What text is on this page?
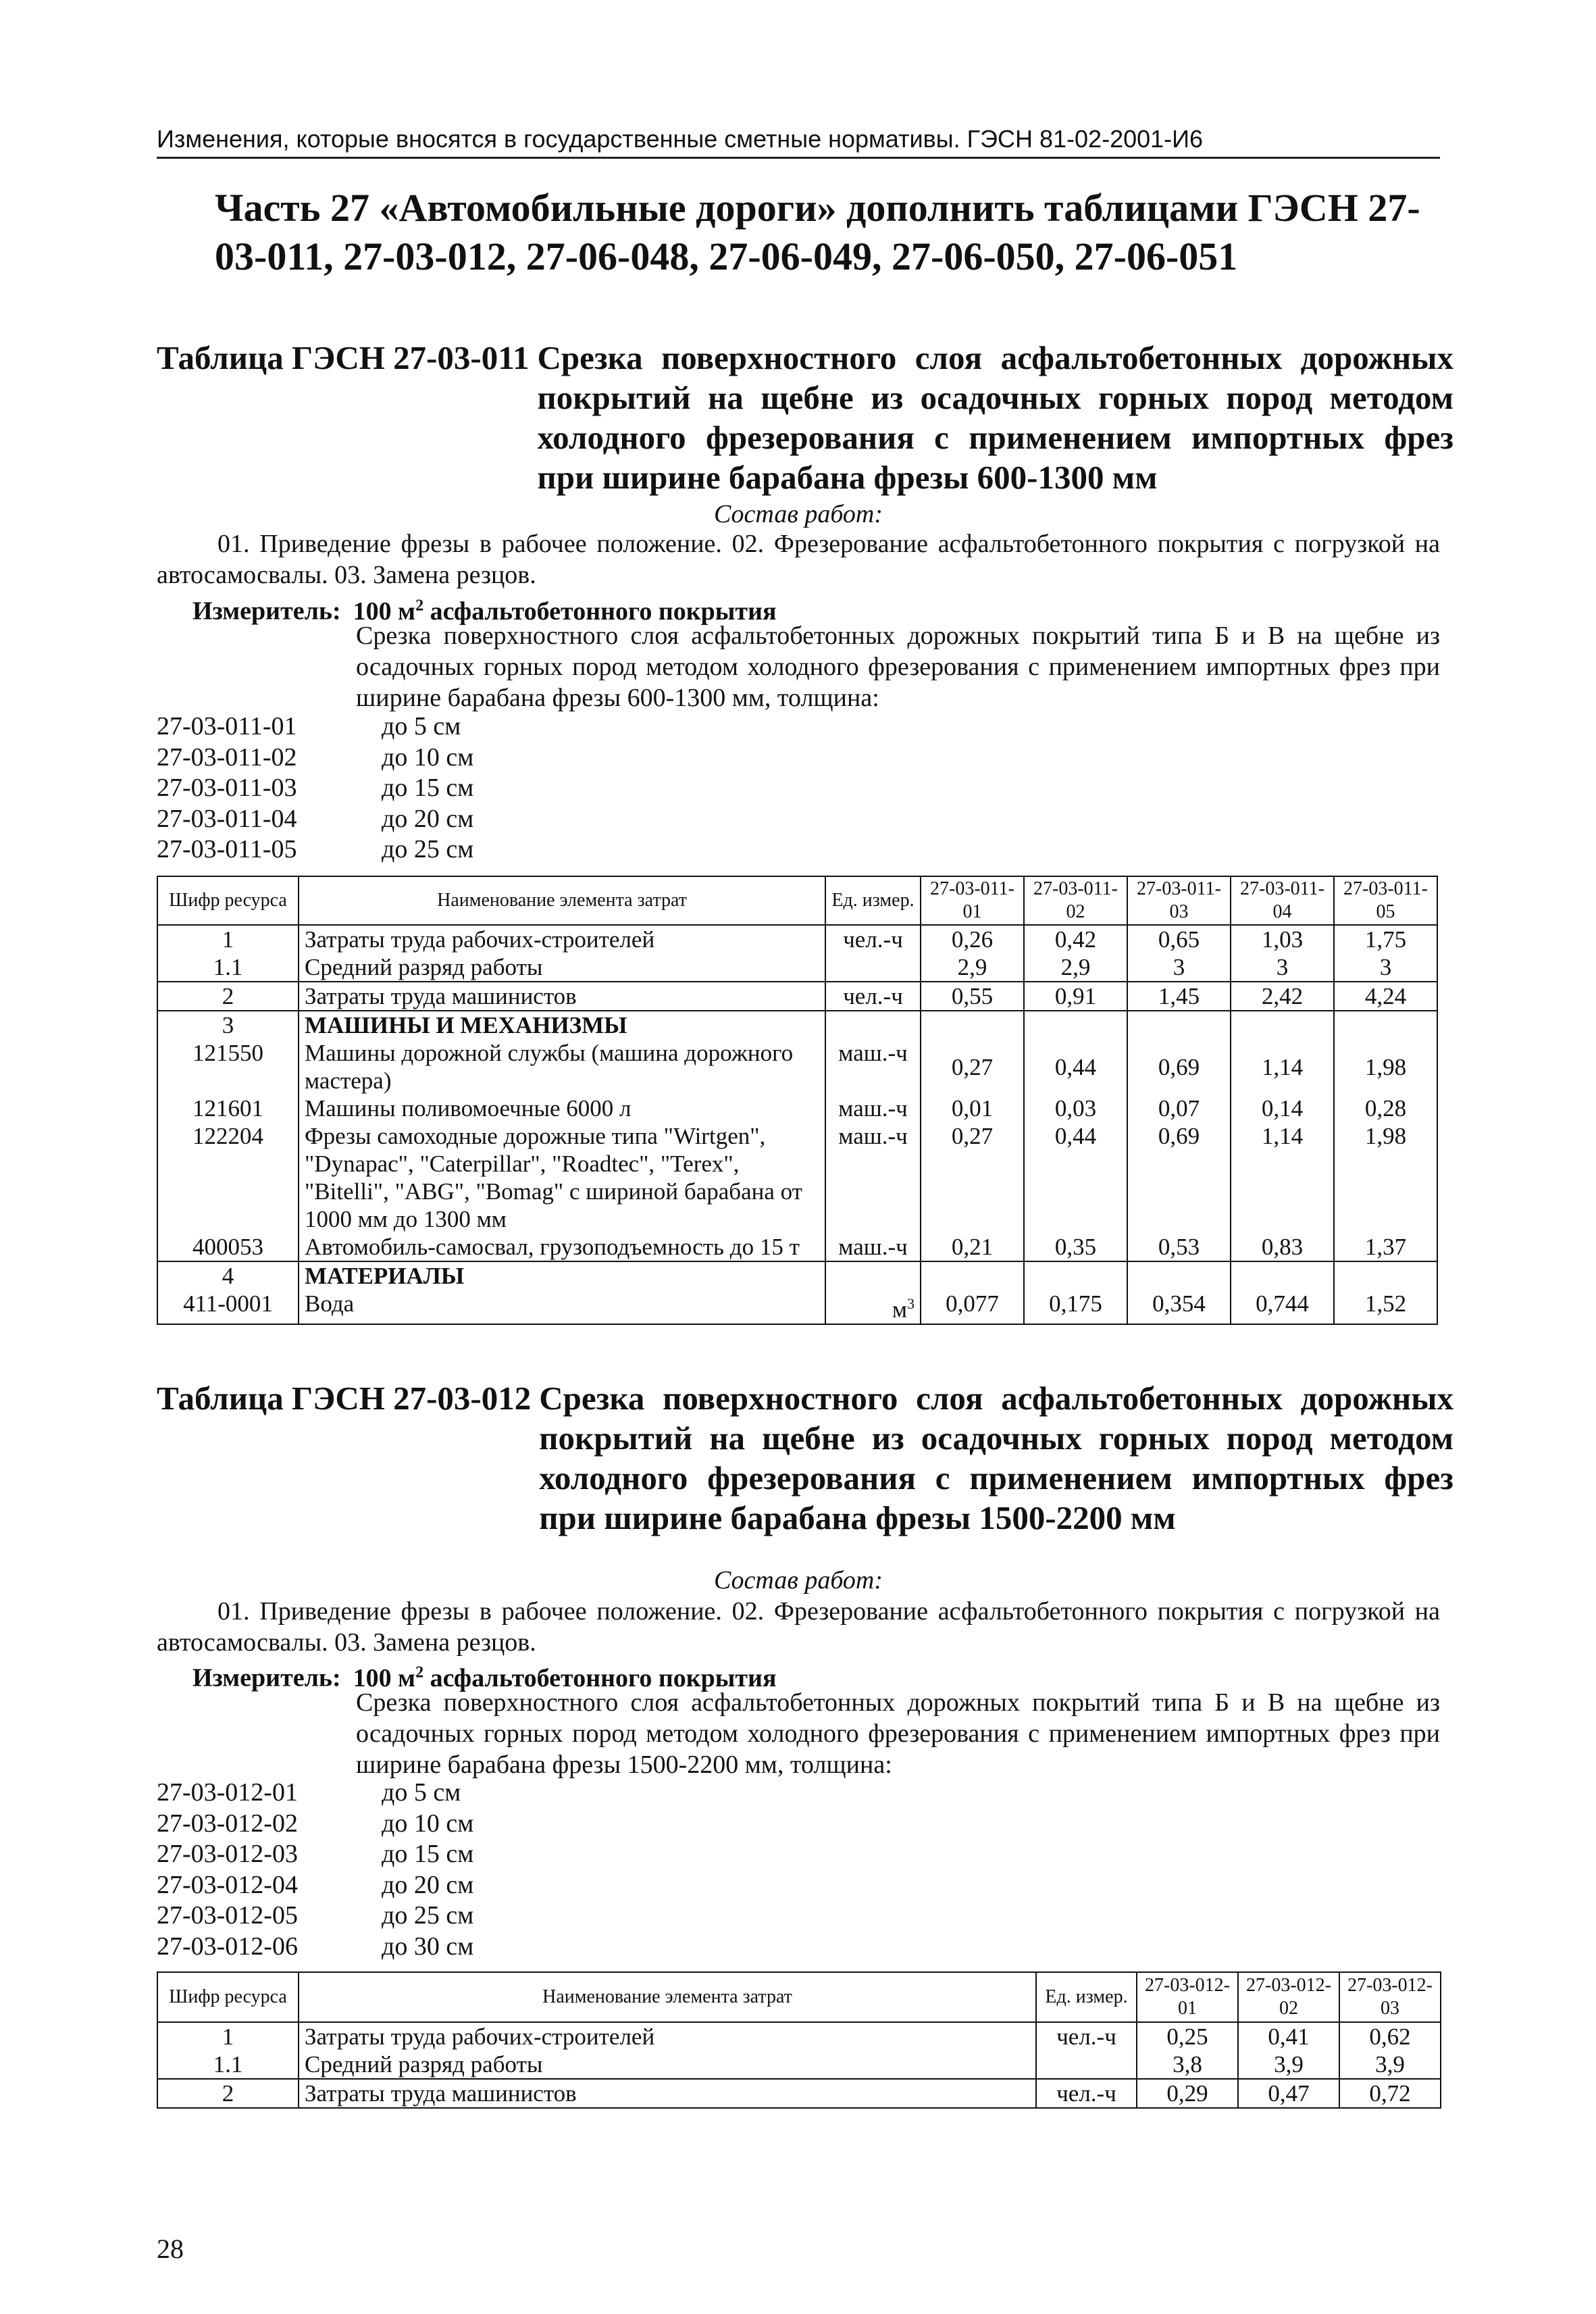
Изменения, которые вносятся в государственные сметные нормативы. ГЭСН 81-02-2001-И6
Часть 27 «Автомобильные дороги» дополнить таблицами ГЭСН 27-03-011, 27-03-012, 27-06-048, 27-06-049, 27-06-050, 27-06-051
Таблица ГЭСН 27-03-011 Срезка поверхностного слоя асфальтобетонных дорожных покрытий на щебне из осадочных горных пород методом холодного фрезерования с применением импортных фрез при ширине барабана фрезы 600-1300 мм
Состав работ:
01. Приведение фрезы в рабочее положение. 02. Фрезерование асфальтобетонного покрытия с погрузкой на автосамосвалы. 03. Замена резцов.
Измеритель: 100 $м^2$ асфальтобетонного покрытия
Срезка поверхностного слоя асфальтобетонных дорожных покрытий типа Б и В на щебне из осадочных горных пород методом холодного фрезерования с применением импортных фрез при ширине барабана фрезы 600-1300 мм, толщина:
27-03-011-01	до 5 см
27-03-011-02	до 10 см
27-03-011-03	до 15 см
27-03-011-04	до 20 см
27-03-011-05	до 25 см
Шифр ресурса	Наименование элемента затрат	Ед. измер.	27-03-011-01	27-03-011-02	27-03-011-03	27-03-011-04	27-03-011-05
1	Затраты труда рабочих-строителей	чел.-ч	0,26	0,42	0,65	1,03	1,75
1.1	Средний разряд работы		2,9	2,9	3	3	3
2	Затраты труда машинистов	чел.-ч	0,55	0,91	1,45	2,42	4,24
3	МАШИНЫ И МЕХАНИЗМЫ						
121550	Машины дорожной службы (машина дорожного мастера)	маш.-ч	0,27	0,44	0,69	1,14	1,98
121601	Машины поливомоечные 6000 л	маш.-ч	0,01	0,03	0,07	0,14	0,28
122204	Фрезы самоходные дорожные типа "Wirtgen", "Dynapac", "Caterpillar", "Roadtec", "Terex", "Bitelli", "ABG", "Bomag" с шириной барабана от 1000 мм до 1300 мм	маш.-ч	0,27	0,44	0,69	1,14	1,98
400053	Автомобиль-самосвал, грузоподъемность до 15 т	маш.-ч	0,21	0,35	0,53	0,83	1,37
4	МАТЕРИАЛЫ						
411-0001	Вода	$м^3$	0,077	0,175	0,354	0,744	1,52
Таблица ГЭСН 27-03-012 Срезка поверхностного слоя асфальтобетонных дорожных покрытий на щебне из осадочных горных пород методом холодного фрезерования с применением импортных фрез при ширине барабана фрезы 1500-2200 мм
Состав работ:
01. Приведение фрезы в рабочее положение. 02. Фрезерование асфальтобетонного покрытия с погрузкой на автосамосвалы. 03. Замена резцов.
Измеритель: 100 $м^2$ асфальтобетонного покрытия
Срезка поверхностного слоя асфальтобетонных дорожных покрытий типа Б и В на щебне из осадочных горных пород методом холодного фрезерования с применением импортных фрез при ширине барабана фрезы 1500-2200 мм, толщина:
27-03-012-01	до 5 см
27-03-012-02	до 10 см
27-03-012-03	до 15 см
27-03-012-04	до 20 см
27-03-012-05	до 25 см
27-03-012-06	до 30 см
Шифр ресурса	Наименование элемента затрат	Ед. измер.	27-03-012-01	27-03-012-02	27-03-012-03
1	Затраты труда рабочих-строителей	чел.-ч	0,25	0,41	0,62
1.1	Средний разряд работы		3,8	3,9	3,9
2	Затраты труда машинистов	чел.-ч	0,29	0,47	0,72
28
